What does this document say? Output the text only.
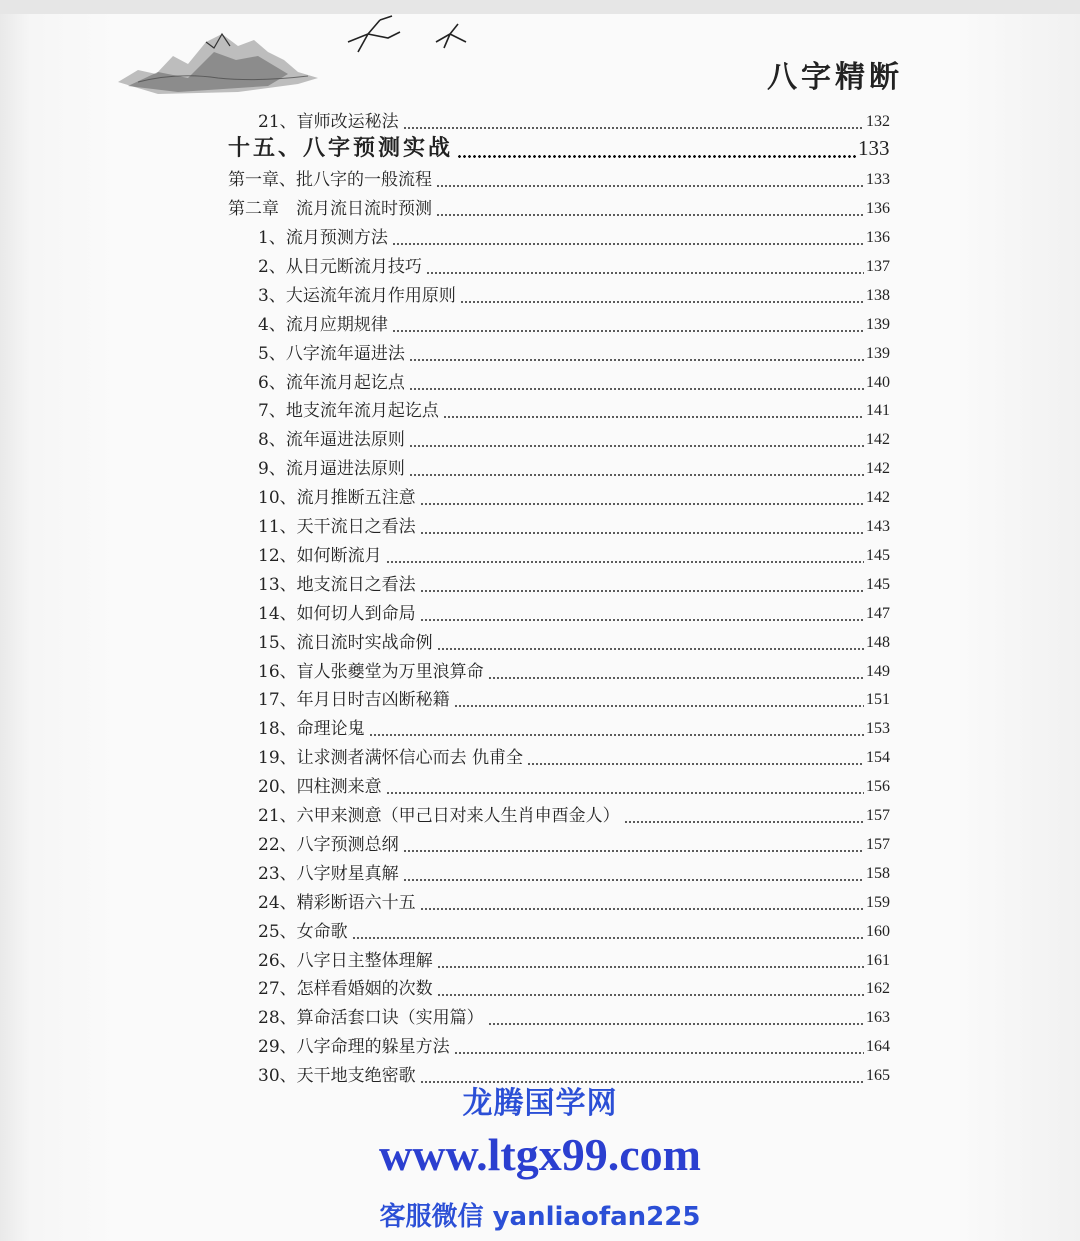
八字精断
21、盲师改运秘法	132
十五、八字预测实战	133
第一章、批八字的一般流程	133
第二章　流月流日流时预测	136
1、流月预测方法	136
2、从日元断流月技巧	137
3、大运流年流月作用原则	138
4、流月应期规律	139
5、八字流年逼进法	139
6、流年流月起讫点	140
7、地支流年流月起讫点	141
8、流年逼进法原则	142
9、流月逼进法原则	142
10、流月推断五注意	142
11、天干流日之看法	143
12、如何断流月	145
13、地支流日之看法	145
14、如何切人到命局	147
15、流日流时实战命例	148
16、盲人张夔堂为万里浪算命	149
17、年月日时吉凶断秘籍	151
18、命理论鬼	153
19、让求测者满怀信心而去 仇甫全	154
20、四柱测来意	156
21、六甲来测意（甲己日对来人生肖申酉金人）	157
22、八字预测总纲	157
23、八字财星真解	158
24、精彩断语六十五	159
25、女命歌	160
26、八字日主整体理解	161
27、怎样看婚姻的次数	162
28、算命活套口诀（实用篇）	163
29、八字命理的躲星方法	164
30、天干地支绝密歌	165
龙腾国学网
www.ltgx99.com
客服微信 yanliaofan225
